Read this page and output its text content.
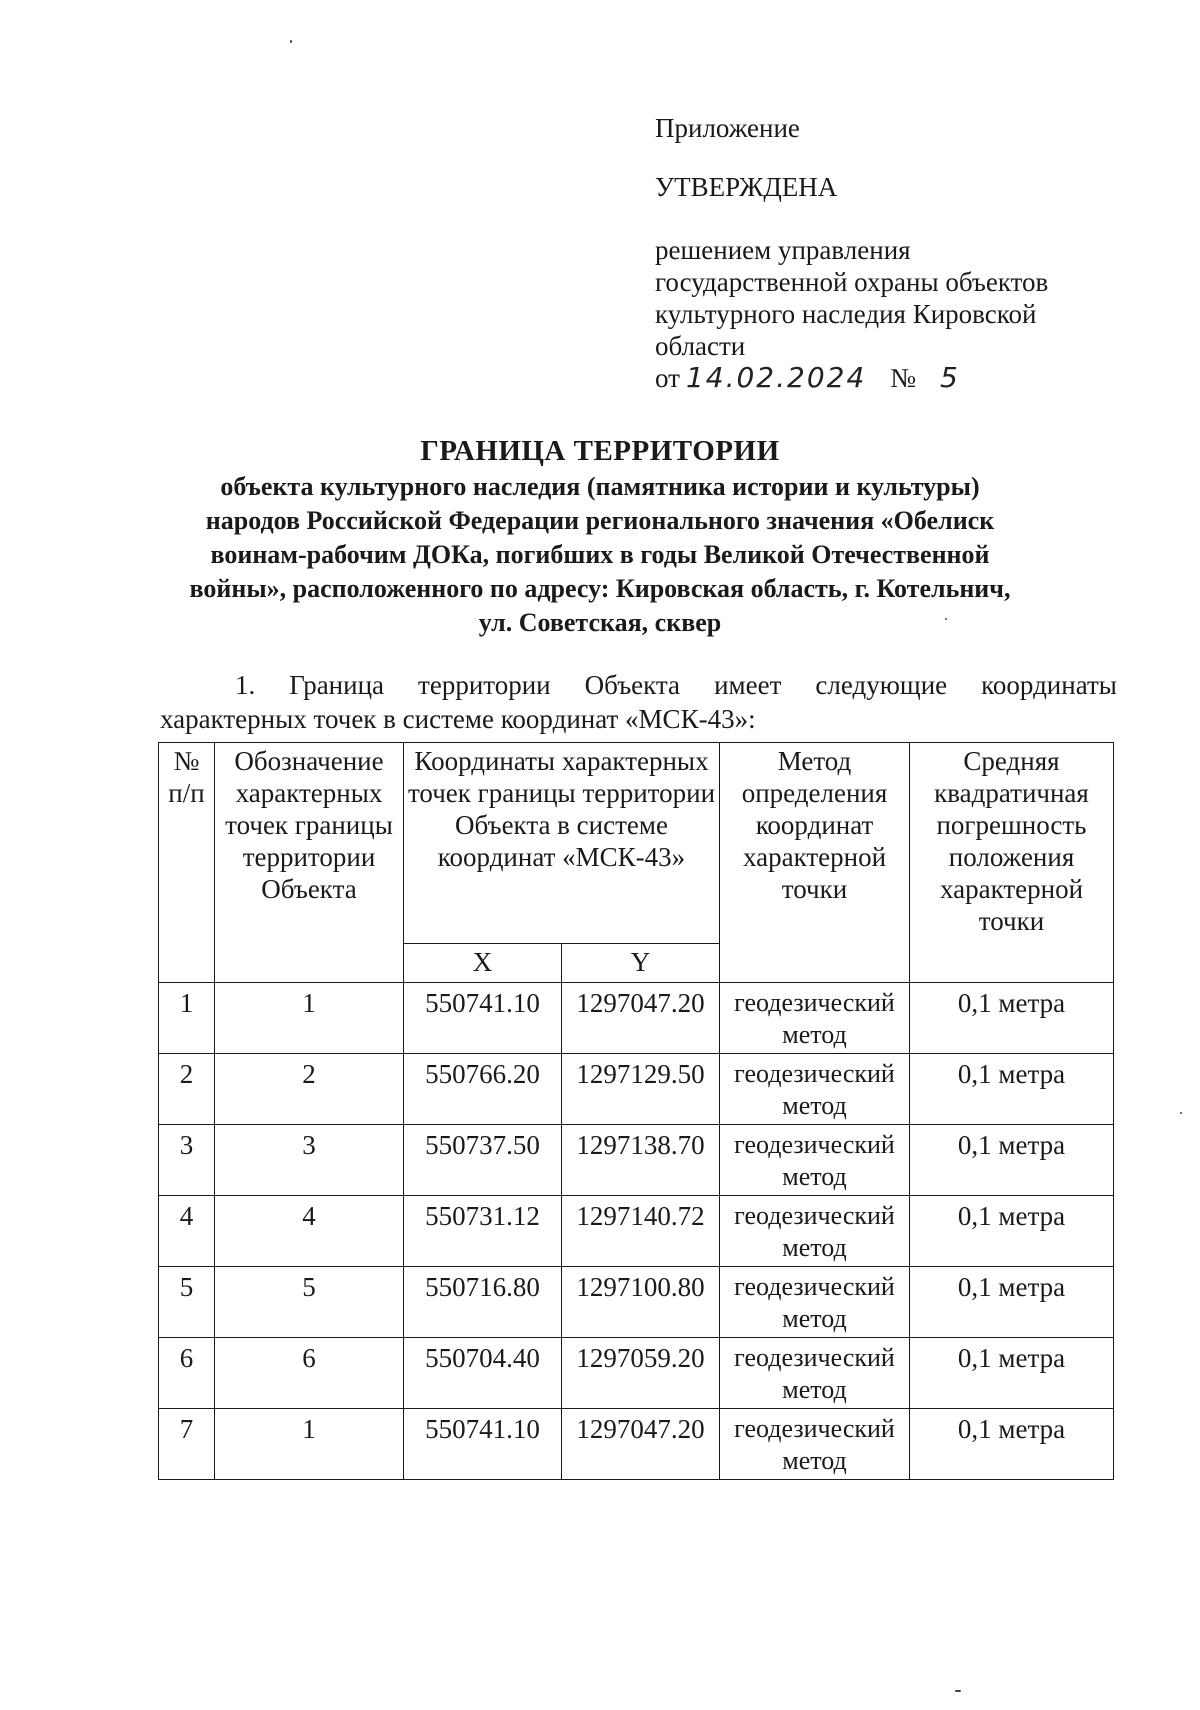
Приложение
УТВЕРЖДЕНА
решением управления
государственной охраны объектов
культурного наследия Кировской
области
от 14.02.2024 № 5
ГРАНИЦА ТЕРРИТОРИИ
объекта культурного наследия (памятника истории и культуры)
народов Российской Федерации регионального значения «Обелиск
воинам-рабочим ДОКа, погибших в годы Великой Отечественной
войны», расположенного по адресу: Кировская область, г. Котельнич,
ул. Советская, сквер
1. Граница территории Объекта имеет следующие координаты
характерных точек в системе координат «МСК-43»:
№ п/п	Обозначение характерных точек границы территории Объекта	Координаты характерных точек границы территории Объекта в системе координат «МСК-43»		Метод определения координат характерной точки	Средняя квадратичная погрешность положения характерной точки
		X	Y		
1	1	550741.10	1297047.20	геодезический метод	0,1 метра
2	2	550766.20	1297129.50	геодезический метод	0,1 метра
3	3	550737.50	1297138.70	геодезический метод	0,1 метра
4	4	550731.12	1297140.72	геодезический метод	0,1 метра
5	5	550716.80	1297100.80	геодезический метод	0,1 метра
6	6	550704.40	1297059.20	геодезический метод	0,1 метра
7	1	550741.10	1297047.20	геодезический метод	0,1 метра
